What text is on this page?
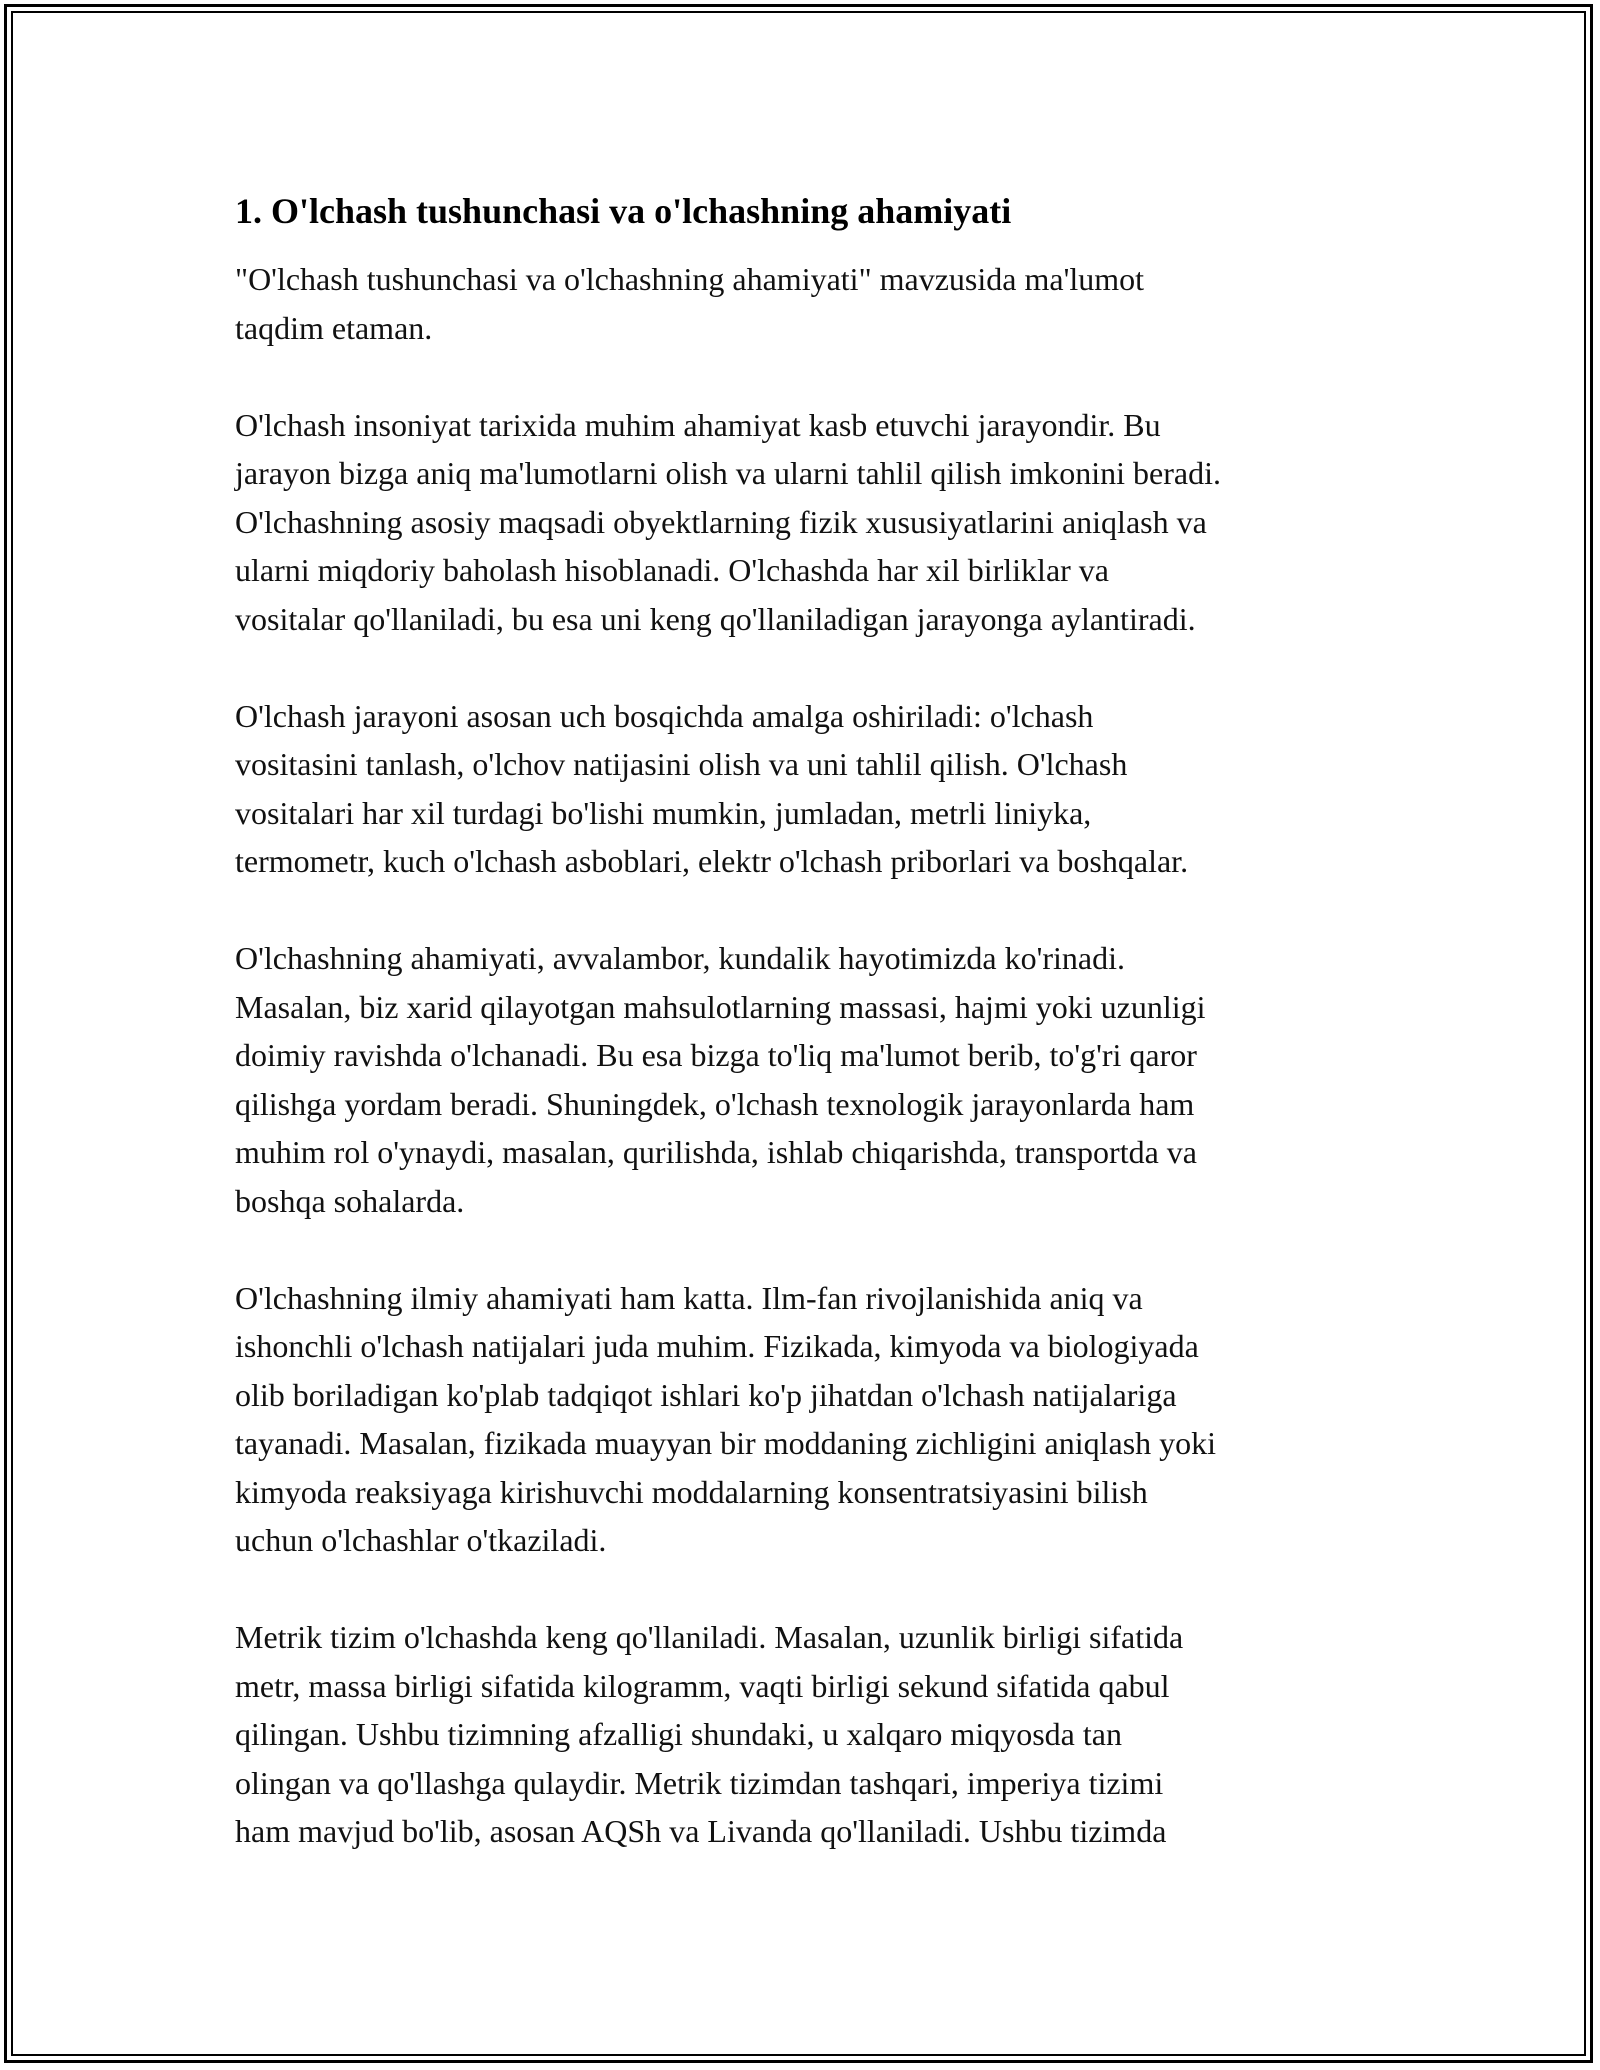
1. O'lchash tushunchasi va o'lchashning ahamiyati

"O'lchash tushunchasi va o'lchashning ahamiyati" mavzusida ma'lumot
taqdim etaman.

O'lchash insoniyat tarixida muhim ahamiyat kasb etuvchi jarayondir. Bu
jarayon bizga aniq ma'lumotlarni olish va ularni tahlil qilish imkonini beradi.
O'lchashning asosiy maqsadi obyektlarning fizik xususiyatlarini aniqlash va
ularni miqdoriy baholash hisoblanadi. O'lchashda har xil birliklar va
vositalar qo'llaniladi, bu esa uni keng qo'llaniladigan jarayonga aylantiradi.

O'lchash jarayoni asosan uch bosqichda amalga oshiriladi: o'lchash
vositasini tanlash, o'lchov natijasini olish va uni tahlil qilish. O'lchash
vositalari har xil turdagi bo'lishi mumkin, jumladan, metrli liniyka,
termometr, kuch o'lchash asboblari, elektr o'lchash priborlari va boshqalar.

O'lchashning ahamiyati, avvalambor, kundalik hayotimizda ko'rinadi.
Masalan, biz xarid qilayotgan mahsulotlarning massasi, hajmi yoki uzunligi
doimiy ravishda o'lchanadi. Bu esa bizga to'liq ma'lumot berib, to'g'ri qaror
qilishga yordam beradi. Shuningdek, o'lchash texnologik jarayonlarda ham
muhim rol o'ynaydi, masalan, qurilishda, ishlab chiqarishda, transportda va
boshqa sohalarda.

O'lchashning ilmiy ahamiyati ham katta. Ilm-fan rivojlanishida aniq va
ishonchli o'lchash natijalari juda muhim. Fizikada, kimyoda va biologiyada
olib boriladigan ko'plab tadqiqot ishlari ko'p jihatdan o'lchash natijalariga
tayanadi. Masalan, fizikada muayyan bir moddaning zichligini aniqlash yoki
kimyoda reaksiyaga kirishuvchi moddalarning konsentratsiyasini bilish
uchun o'lchashlar o'tkaziladi.

Metrik tizim o'lchashda keng qo'llaniladi. Masalan, uzunlik birligi sifatida
metr, massa birligi sifatida kilogramm, vaqti birligi sekund sifatida qabul
qilingan. Ushbu tizimning afzalligi shundaki, u xalqaro miqyosda tan
olingan va qo'llashga qulaydir. Metrik tizimdan tashqari, imperiya tizimi
ham mavjud bo'lib, asosan AQSh va Livanda qo'llaniladi. Ushbu tizimda
